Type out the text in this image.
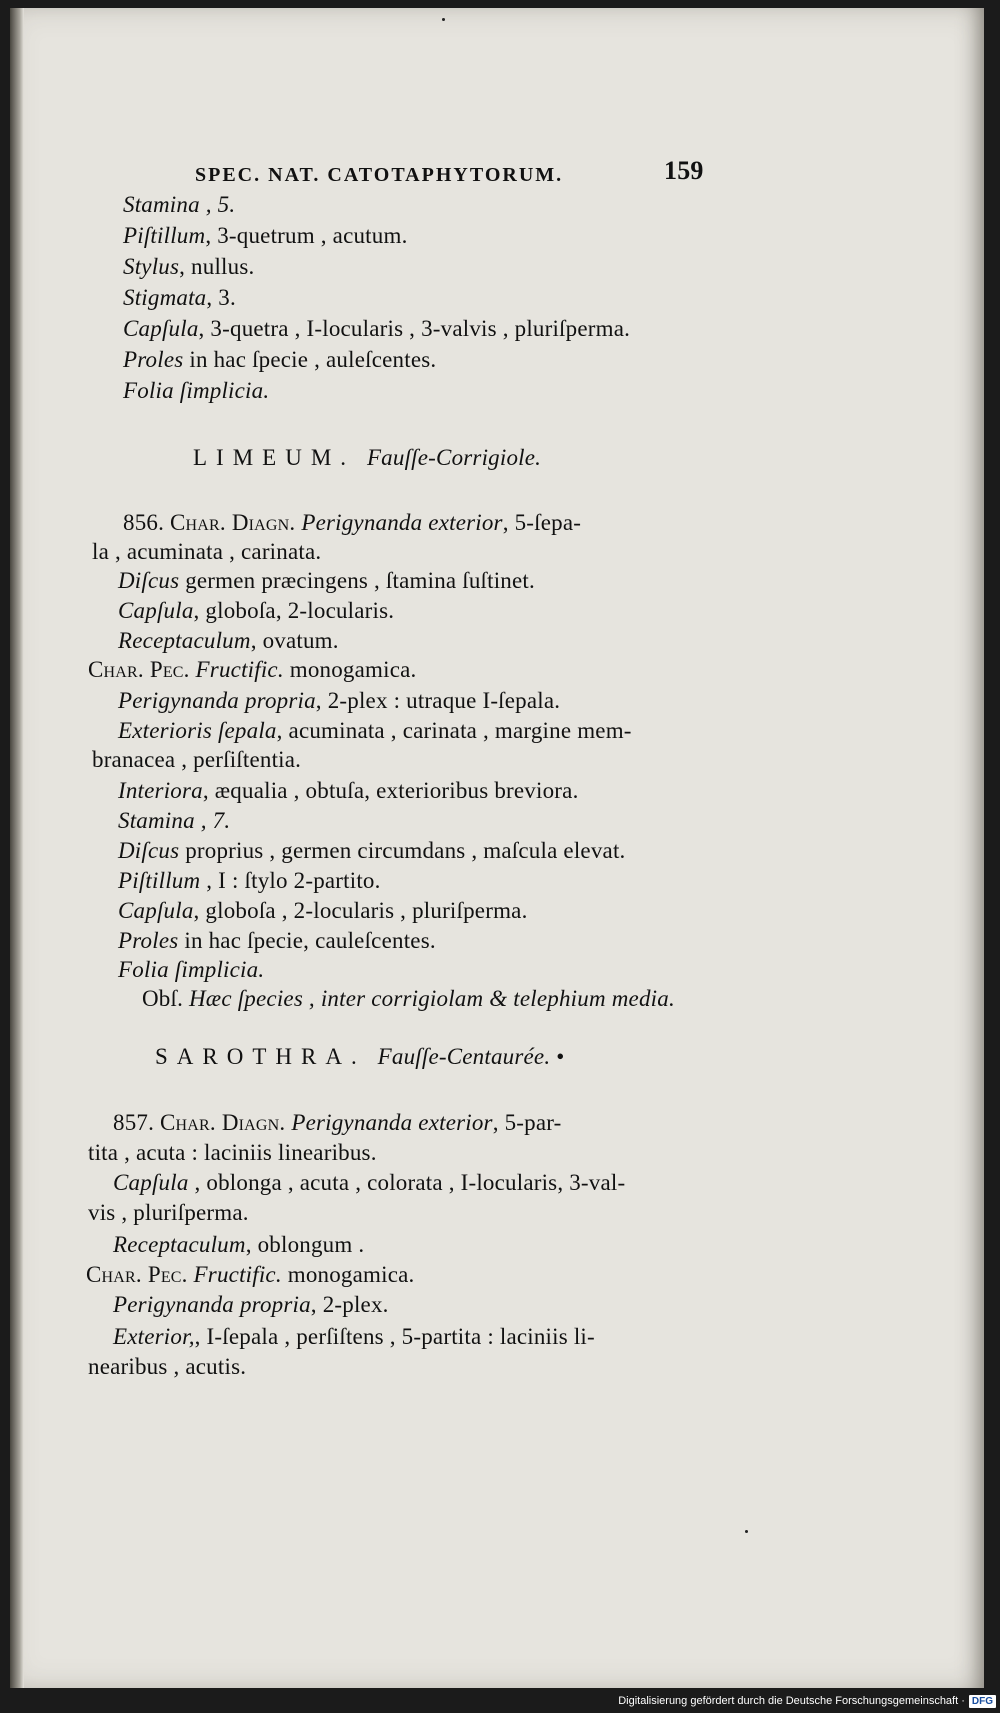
SPEC. NAT. CATOTAPHYTORUM.	159
Stamina , 5.
Piſtillum, 3-quetrum , acutum.
Stylus, nullus.
Stigmata, 3.
Capſula, 3-quetra , I-locularis , 3-valvis , pluriſperma.
Proles in hac ſpecie , auleſcentes.
Folia ſimplicia.
LIMEUM. Fauſſe-Corrigiole.
856. Char. Diagn. Perigynanda exterior, 5-ſepa-
la , acuminata , carinata.
Diſcus germen præcingens , ſtamina ſuſtinet.
Capſula, globoſa, 2-locularis.
Receptaculum, ovatum.
Char. Pec. Fructific. monogamica.
Perigynanda propria, 2-plex : utraque I-ſepala.
Exterioris ſepala, acuminata , carinata , margine mem-
branacea , perſiſtentia.
Interiora, æqualia , obtuſa, exterioribus breviora.
Stamina , 7.
Diſcus proprius , germen circumdans , maſcula elevat.
Piſtillum , I : ſtylo 2-partito.
Capſula, globoſa , 2-locularis , pluriſperma.
Proles in hac ſpecie, cauleſcentes.
Folia ſimplicia.
Obſ. Hæc ſpecies , inter corrigiolam & telephium media.
SAROTHRA. Fauſſe-Centaurée. •
857. Char. Diagn. Perigynanda exterior, 5-par-
tita , acuta : laciniis linearibus.
Capſula , oblonga , acuta , colorata , I-locularis, 3-val-
vis , pluriſperma.
Receptaculum, oblongum .
Char. Pec. Fructific. monogamica.
Perigynanda propria, 2-plex.
Exterior,, I-ſepala , perſiſtens , 5-partita : laciniis li-
nearibus , acutis.
Digitalisierung gefördert durch die Deutsche Forschungsgemeinschaft · DFG
